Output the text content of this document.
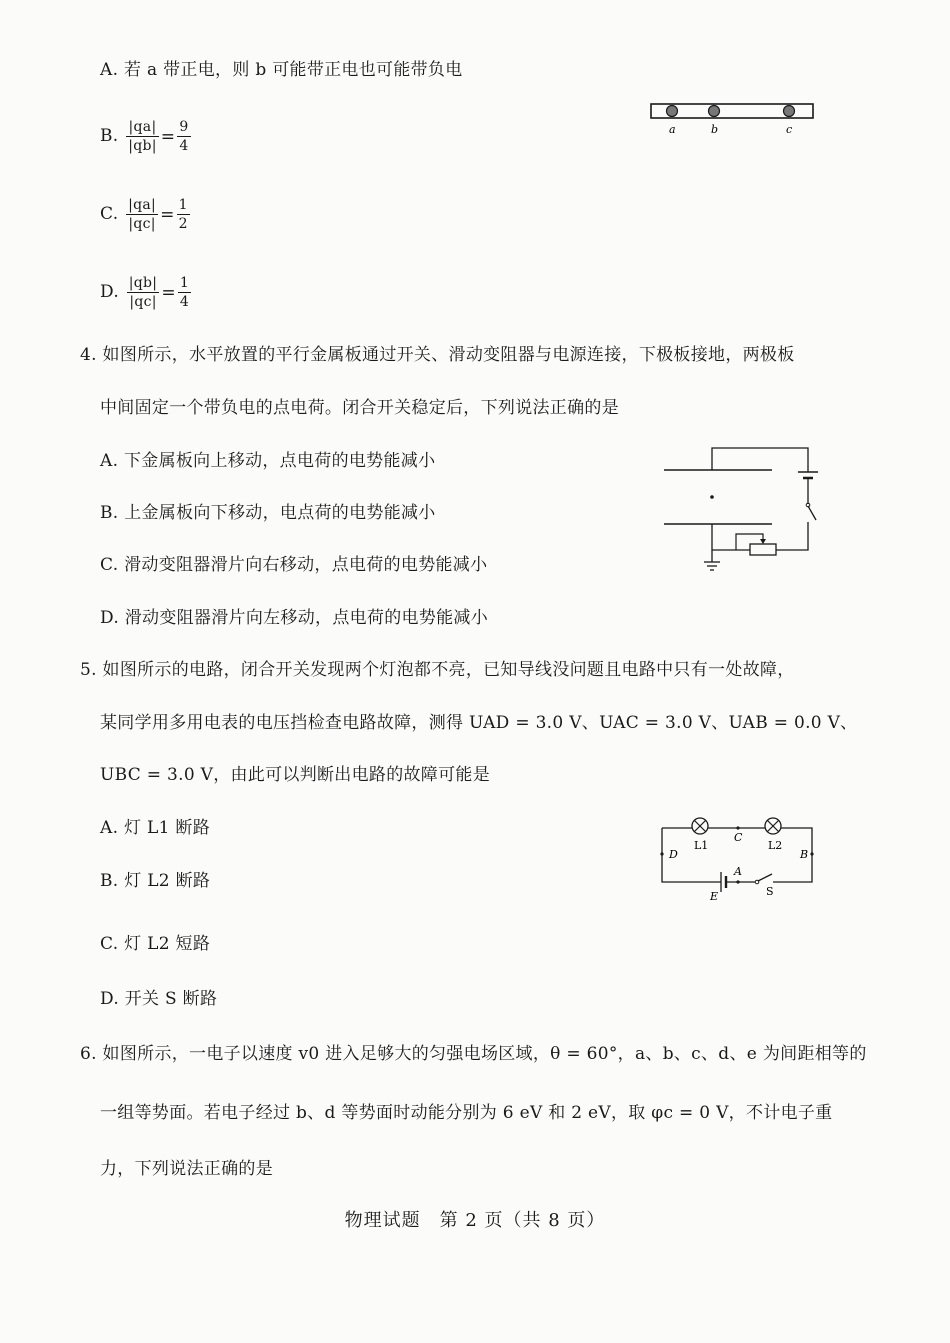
A. 若 a 带正电，则 b 可能带正电也可能带负电
B. $\frac{|qa|}{|qb|} = \frac{9}{4}$
C. $\frac{|qa|}{|qc|} = \frac{1}{2}$
D. $\frac{|qb|}{|qc|} = \frac{1}{4}$
a	b	c
4. 如图所示，水平放置的平行金属板通过开关、滑动变阻器与电源连接，下极板接地，两极板
中间固定一个带负电的点电荷。闭合开关稳定后，下列说法正确的是
A. 下金属板向上移动，点电荷的电势能减小
B. 上金属板向下移动，电点荷的电势能减小
C. 滑动变阻器滑片向右移动，点电荷的电势能减小
D. 滑动变阻器滑片向左移动，点电荷的电势能减小
5. 如图所示的电路，闭合开关发现两个灯泡都不亮，已知导线没问题且电路中只有一处故障，
某同学用多用电表的电压挡检查电路故障，测得 UAD = 3.0 V、UAC = 3.0 V、UAB = 0.0 V、
UBC = 3.0 V，由此可以判断出电路的故障可能是
A. 灯 L1 断路
B. 灯 L2 断路
C. 灯 L2 短路
D. 开关 S 断路
L1	L2
C
D	B
A
E	S
6. 如图所示，一电子以速度 v0 进入足够大的匀强电场区域，θ = 60°，a、b、c、d、e 为间距相等的
一组等势面。若电子经过 b、d 等势面时动能分别为 6 eV 和 2 eV，取 φc = 0 V，不计电子重
力，下列说法正确的是
物理试题　第 2 页（共 8 页）
